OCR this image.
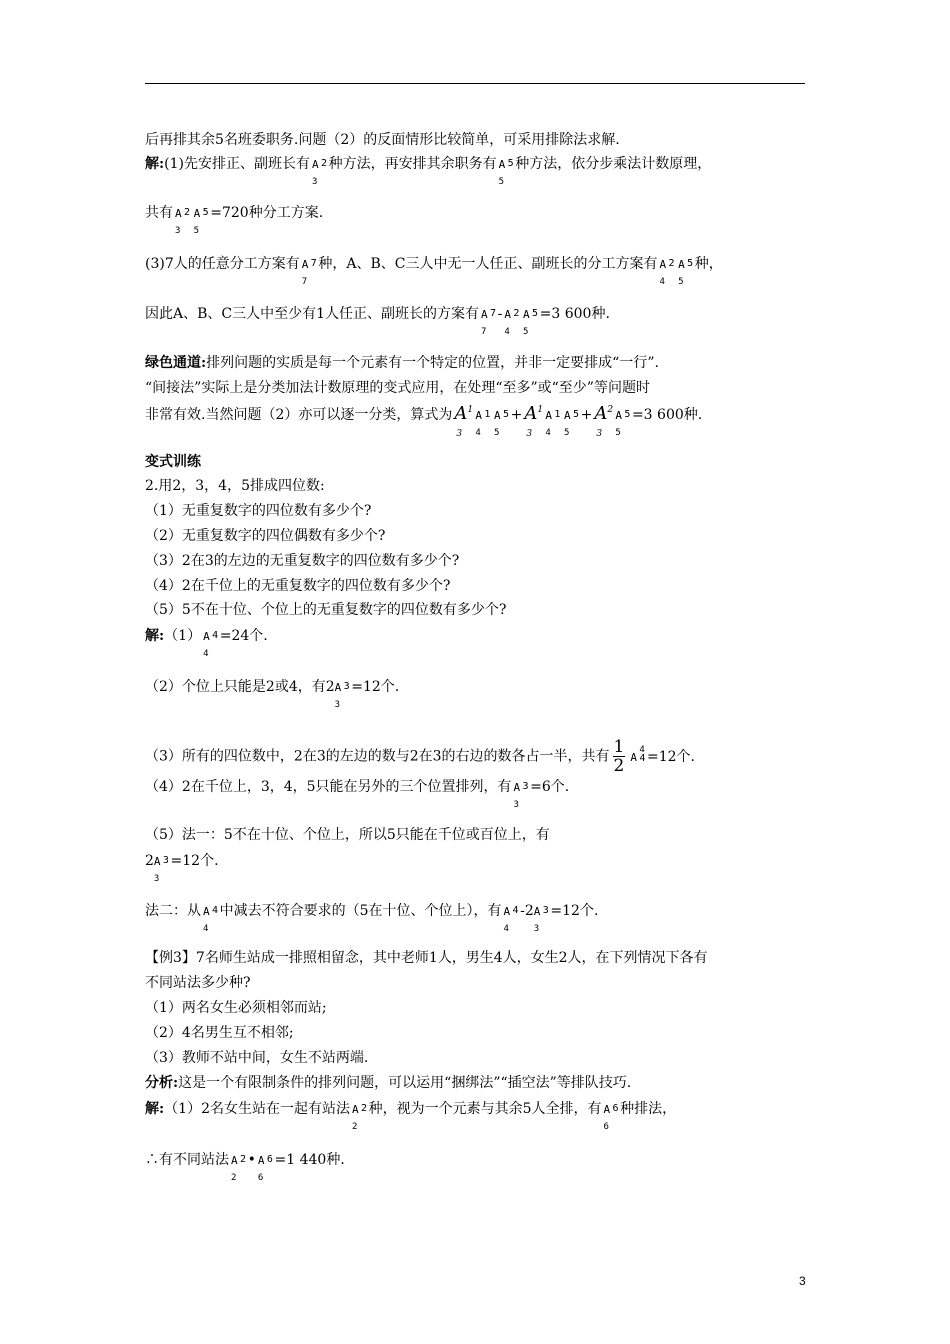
后再排其余5名班委职务.问题（2）的反面情形比较简单，可采用排除法求解.
解:(1)先安排正、副班长有 A 2
3
种方法，再安排其余职务有 A 5
5
种方法，依分步乘法计数原理，
共有 A 2
3
A 5
5
=720种分工方案.
(3)7人的任意分工方案有 A 7
7
种，A、B、C三人中无一人任正、副班长的分工方案有 A 2
4
A 5
5
种，
因此A、B、C三人中至少有1人任正、副班长的方案有 A 7
7
- A 2
4
A 5
5
=3 600种.
绿色通道:排列问题的实质是每一个元素有一个特定的位置，并非一定要排成“一行”.
“间接法”实际上是分类加法计数原理的变式应用，在处理“至多”或“至少”等问题时
非常有效.当然问题（2）亦可以逐一分类，算式为 A
3
1 A 1
4
A 5
5
+ A
3
1 A 1
4
A 5
5
+ A
3
2 A 5
5
=3 600种.
变式训练
2.用2，3，4，5排成四位数:
（1）无重复数字的四位数有多少个?
（2）无重复数字的四位偶数有多少个?
（3）2在3的左边的无重复数字的四位数有多少个?
（4）2在千位上的无重复数字的四位数有多少个?
（5）5不在十位、个位上的无重复数字的四位数有多少个?
解:（1） A 4
4
=24个.
（2）个位上只能是2或4，有2A 3
3
=12个.
（3）所有的四位数中，2在3的左边的数与2在3的右边的数各占一半，共有 $\frac{1}{2}$ A
4
4 =12个.
（4）2在千位上，3，4，5只能在另外的三个位置排列，有 A 3
3
=6个.
（5）法一：5不在十位、个位上，所以5只能在千位或百位上，有
2A 3
3
=12个.
法二：从 A 4
4
中减去不符合要求的（5在十位、个位上），有 A 4
4
-2A 3
3
=12个.
【例3】7名师生站成一排照相留念，其中老师1人，男生4人，女生2人，在下列情况下各有
不同站法多少种?
（1）两名女生必须相邻而站;
（2）4名男生互不相邻;
（3）教师不站中间，女生不站两端.
分析:这是一个有限制条件的排列问题，可以运用“捆绑法”“插空法”等排队技巧.
解:（1）2名女生站在一起有站法 A 2
2
种，视为一个元素与其余5人全排，有 A 6
6
种排法，
∴有不同站法 A 2
2
• A 6
6
=1 440种.
3
